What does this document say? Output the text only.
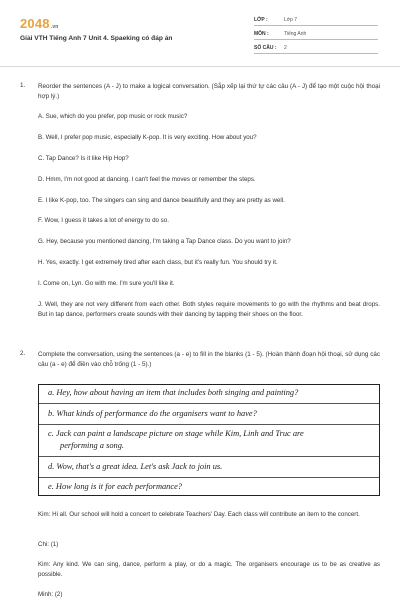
2048.vn
Giải VTH Tiếng Anh 7 Unit 4. Spaeking có đáp án
LỚP :	Lớp 7
MÔN :	Tiếng Anh
SỐ CÂU : 2
1. Reorder the sentences (A - J) to make a logical conversation. (Sắp xếp lại thứ tự các câu (A - J) để tạo một cuộc hội thoại hợp lý.)
A. Sue, which do you prefer, pop music or rock music?
B. Well, I prefer pop music, especially K-pop. It is very exciting. How about you?
C. Tap Dance? Is it like Hip Hop?
D. Hmm, I'm not good at dancing. I can't feel the moves or remember the steps.
E. I like K-pop, too. The singers can sing and dance beautifully and they are pretty as well.
F. Wow, I guess it takes a lot of energy to do so.
G. Hey, because you mentioned dancing, I'm taking a Tap Dance class. Do you want to join?
H. Yes, exactly. I get extremely tired after each class, but it's really fun. You should try it.
I. Come on, Lyn. Go with me. I'm sure you'll like it.
J. Well, they are not very different from each other. Both styles require movements to go with the rhythms and beat drops. But in tap dance, performers create sounds with their dancing by tapping their shoes on the floor.
2. Complete the conversation, using the sentences (a - e) to fill in the blanks (1 - 5). (Hoàn thành đoạn hội thoại, sử dụng các câu (a - e) để điền vào chỗ trống (1 - 5).)
a. Hey, how about having an item that includes both singing and painting?
b. What kinds of performance do the organisers want to have?
c. Jack can paint a landscape picture on stage while Kim, Linh and Truc are
performing a song.
d. Wow, that's a great idea. Let's ask Jack to join us.
e. How long is it for each performance?
Kim: Hi all. Our school will hold a concert to celebrate Teachers' Day. Each class will contribute an item to the concert.
Chi: (1)
Kim: Any kind. We can sing, dance, perform a play, or do a magic. The organisers encourage us to be as creative as possible.
Minh: (2)
